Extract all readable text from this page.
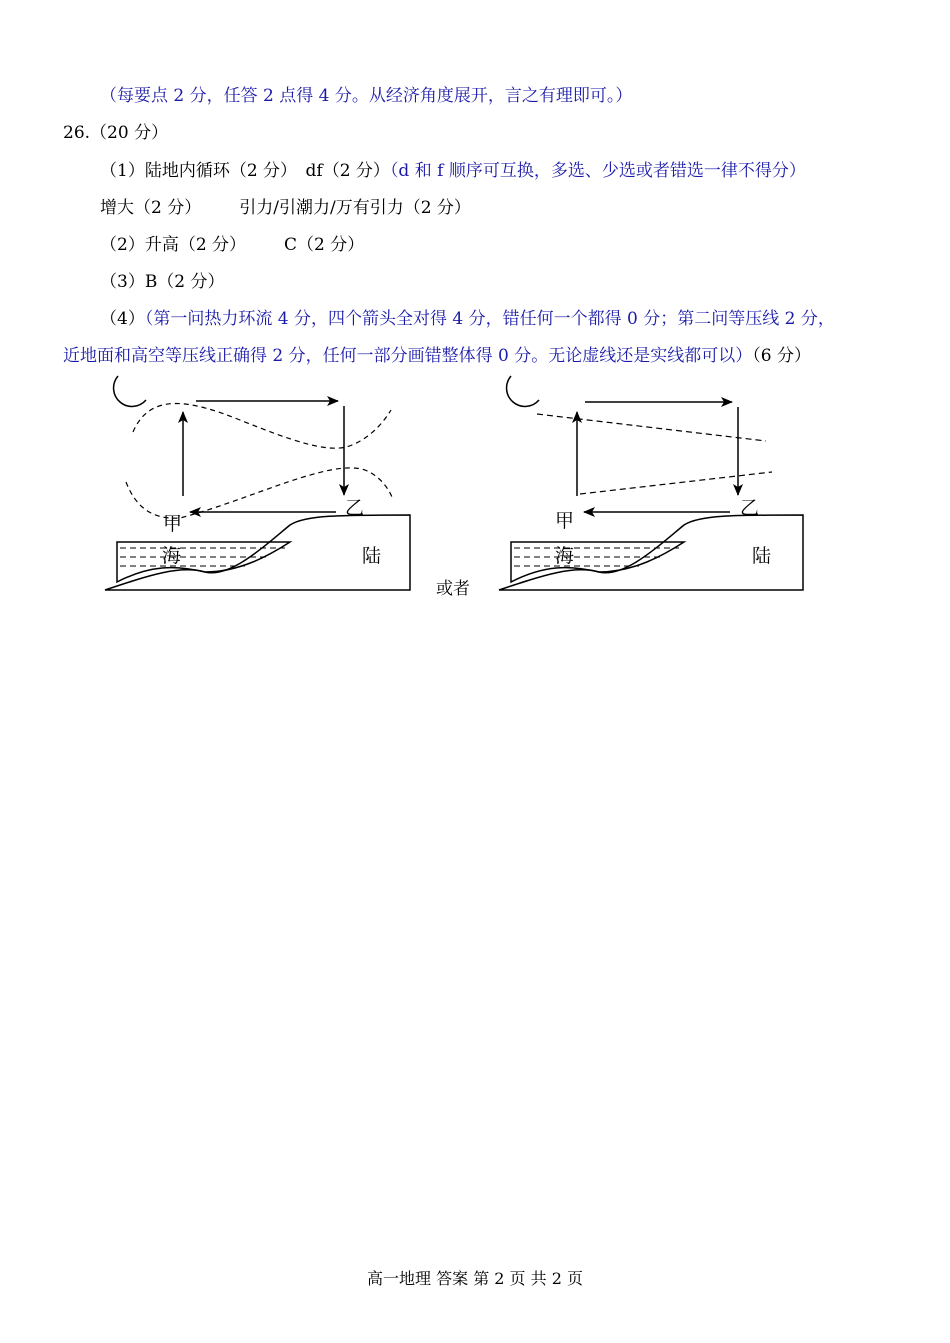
（每要点 2 分，任答 2 点得 4 分。从经济角度展开，言之有理即可。）
26.（20 分）
（1）陆地内循环（2 分）　df（2 分）（d 和 f 顺序可互换，多选、少选或者错选一律不得分）
增大（2 分） 引力/引潮力/万有引力（2 分）
（2）升高（2 分） C（2 分）
（3）B（2 分）
（4）（第一问热力环流 4 分，四个箭头全对得 4 分，错任何一个都得 0 分；第二问等压线 2 分，
近地面和高空等压线正确得 2 分，任何一部分画错整体得 0 分。无论虚线还是实线都可以）（6 分）
甲
乙
海	陆
或者
甲
乙
海	陆
高一地理 答案 第 2 页 共 2 页
